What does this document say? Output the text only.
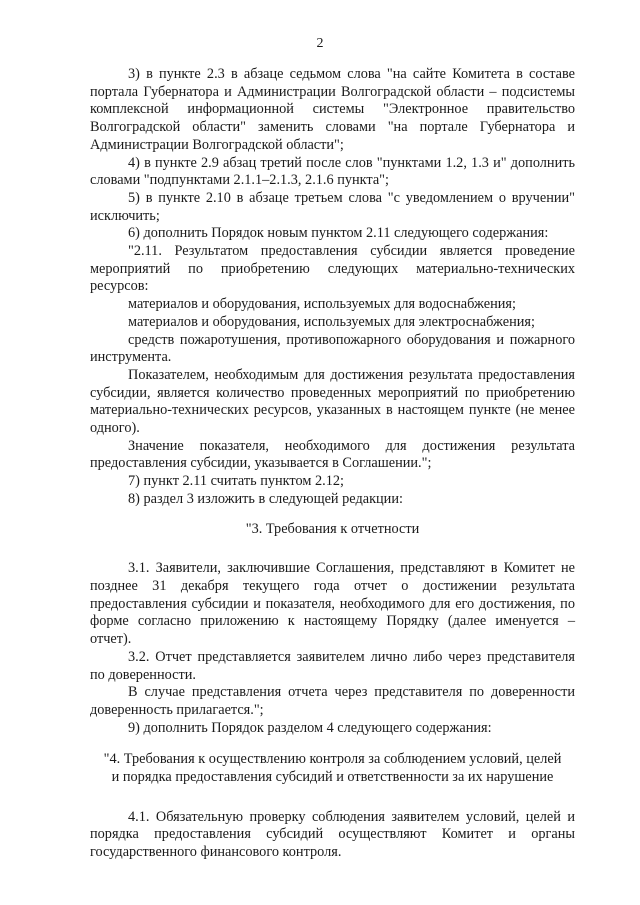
2

3) в пункте 2.3 в абзаце седьмом слова "на сайте Комитета в составе портала Губернатора и Администрации Волгоградской области – подсистемы комплексной информационной системы "Электронное правительство Волгоградской области" заменить словами "на портале Губернатора и Администрации Волгоградской области";

4) в пункте 2.9 абзац третий после слов "пунктами 1.2, 1.3 и" дополнить словами "подпунктами 2.1.1–2.1.3, 2.1.6 пункта";

5) в пункте 2.10 в абзаце третьем слова "с уведомлением о вручении" исключить;

6) дополнить Порядок новым пунктом 2.11 следующего содержания:

"2.11. Результатом предоставления субсидии является проведение мероприятий по приобретению следующих материально-технических ресурсов:

материалов и оборудования, используемых для водоснабжения;

материалов и оборудования, используемых для электроснабжения;

средств пожаротушения, противопожарного оборудования и пожарного инструмента.

Показателем, необходимым для достижения результата предоставления субсидии, является количество проведенных мероприятий по приобретению материально-технических ресурсов, указанных в настоящем пункте (не менее одного).

Значение показателя, необходимого для достижения результата предоставления субсидии, указывается в Соглашении.";

7) пункт 2.11 считать пунктом 2.12;

8) раздел 3 изложить в следующей редакции:

"3. Требования к отчетности

3.1. Заявители, заключившие Соглашения, представляют в Комитет не позднее 31 декабря текущего года отчет о достижении результата предоставления субсидии и показателя, необходимого для его достижения, по форме согласно приложению к настоящему Порядку (далее именуется – отчет).

3.2. Отчет представляется заявителем лично либо через представителя по доверенности.

В случае представления отчета через представителя по доверенности доверенность прилагается.";

9) дополнить Порядок разделом 4 следующего содержания:

"4. Требования к осуществлению контроля за соблюдением условий, целей
и порядка предоставления субсидий и ответственности за их нарушение

4.1. Обязательную проверку соблюдения заявителем условий, целей и порядка предоставления субсидий осуществляют Комитет и органы государственного финансового контроля.
